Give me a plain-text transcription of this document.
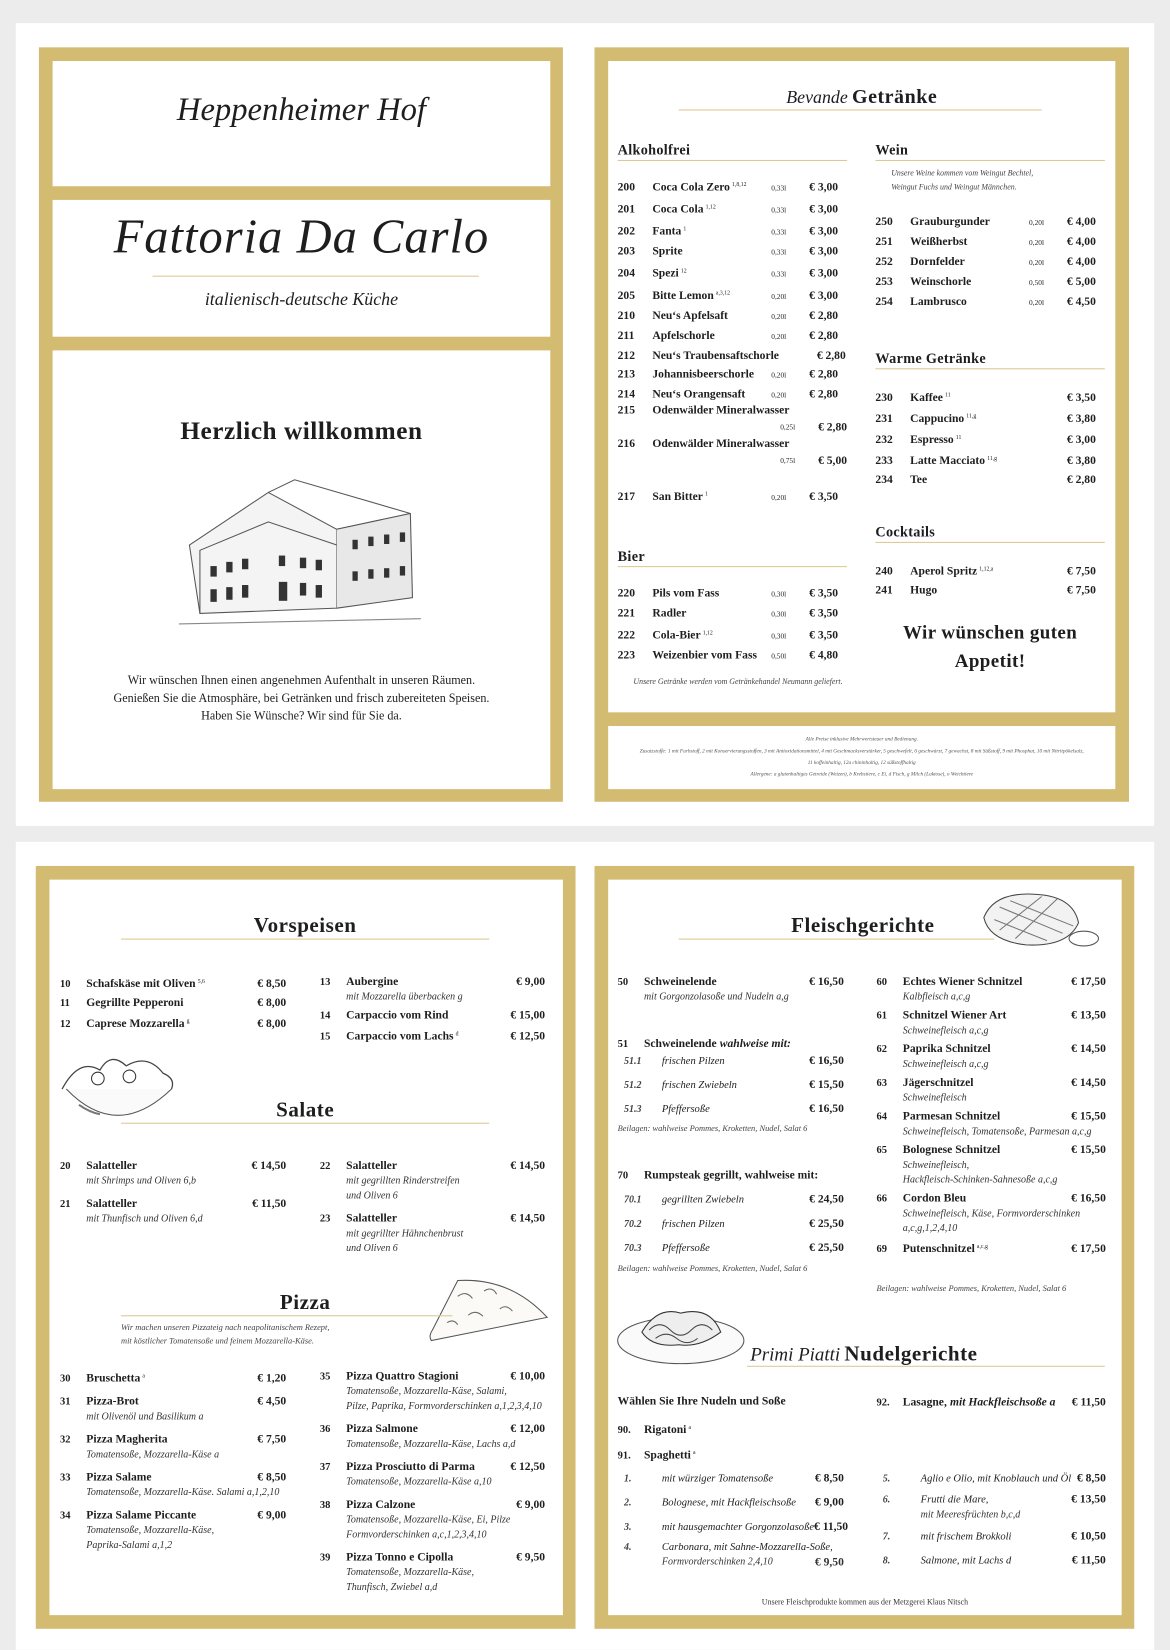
Heppenheimer Hof
Fattoria Da Carlo
italienisch-deutsche Küche
Herzlich willkommen
Wir wünschen Ihnen einen angenehmen Aufenthalt in unseren Räumen.
Genießen Sie die Atmosphäre, bei Getränken und frisch zubereiteten Speisen.
Haben Sie Wünsche? Wir sind für Sie da.
Bevande Getränke
Alkoholfrei
200	Coca Cola Zero $^{1,8,12}$	0,33l	€ 3,00
201	Coca Cola $^{1,12}$	0,33l	€ 3,00
202	Fanta $^1$	0,33l	€ 3,00
203	Sprite	0,33l	€ 3,00
204	Spezi $^{12}$	0,33l	€ 3,00
205	Bitte Lemon $^{a,3,12}$	0,20l	€ 3,00
210	Neu‘s Apfelsaft	0,20l	€ 2,80
211	Apfelschorle	0,20l	€ 2,80
212	Neu‘s Traubensaftschorle	€ 2,80
213	Johannisbeerschorle	0,20l	€ 2,80
214	Neu‘s Orangensaft	0,20l	€ 2,80
215	Odenwälder Mineralwasser
0,25l	€ 2,80
216	Odenwälder Mineralwasser
0,75l	€ 5,00
217	San Bitter $^1$	0,20l	€ 3,50
Bier
220	Pils vom Fass	0,30l	€ 3,50
221	Radler	0,30l	€ 3,50
222	Cola-Bier $^{1,12}$	0,30l	€ 3,50
223	Weizenbier vom Fass	0,50l	€ 4,80
Unsere Getränke werden vom Getränkehandel Neumann geliefert.
Wein
Unsere Weine kommen vom Weingut Bechtel,
Weingut Fuchs und Weingut Männchen.
250	Grauburgunder	0,20l	€ 4,00
251	Weißherbst	0,20l	€ 4,00
252	Dornfelder	0,20l	€ 4,00
253	Weinschorle	0,50l	€ 5,00
254	Lambrusco	0,20l	€ 4,50
Warme Getränke
230	Kaffee $^{11}$	€ 3,50
231	Cappucino $^{11,g}$	€ 3,80
232	Espresso $^{11}$	€ 3,00
233	Latte Macciato $^{11,g}$	€ 3,80
234	Tee	€ 2,80
Cocktails
240	Aperol Spritz $^{1,12,a}$	€ 7,50
241	Hugo	€ 7,50
Wir wünschen guten
Appetit!
Alle Preise inklusive Mehrwertsteuer und Bedienung.
Zusatzstoffe: 1 mit Farbstoff, 2 mit Konservierungsstoffen, 3 mit Antioxidationsmittel, 4 mit Geschmacksverstärker, 5 geschwefelt, 6 geschwärzt, 7 gewachst, 8 mit Süßstoff, 9 mit Phosphat, 10 mit Nitritpökelsalz,
11 koffeinhaltig, 12a chininhaltig, 12 süßstoffhaltig
Allergene: a glutenhaltiges Getreide (Weizen), b Krebstiere, c Ei, d Fisch, g Milch (Laktose), o Weichtiere
Vorspeisen
10	Schafskäse mit Oliven $^{5,6}$	€ 8,50
11	Gegrillte Pepperoni	€ 8,00
12	Caprese Mozzarella $^g$	€ 8,00
13	Aubergine	€ 9,00
mit Mozzarella überbacken g
14	Carpaccio vom Rind	€ 15,00
15	Carpaccio vom Lachs $^d$	€ 12,50
Salate
20	Salatteller	€ 14,50
mit Shrimps und Oliven 6,b
21	Salatteller	€ 11,50
mit Thunfisch und Oliven 6,d
22	Salatteller	€ 14,50
mit gegrillten Rinderstreifen
und Oliven 6
23	Salatteller	€ 14,50
mit gegrillter Hähnchenbrust
und Oliven 6
Pizza
Wir machen unseren Pizzateig nach neapolitanischem Rezept,
mit köstlicher Tomatensoße und feinem Mozzarella-Käse.
30	Bruschetta $^a$	€ 1,20
31	Pizza-Brot	€ 4,50
mit Olivenöl und Basilikum a
32	Pizza Magherita	€ 7,50
Tomatensoße, Mozzarella-Käse a
33	Pizza Salame	€ 8,50
Tomatensoße, Mozzarella-Käse. Salami a,1,2,10
34	Pizza Salame Piccante	€ 9,00
Tomatensoße, Mozzarella-Käse,
Paprika-Salami a,1,2
35	Pizza Quattro Stagioni	€ 10,00
Tomatensoße, Mozzarella-Käse, Salami,
Pilze, Paprika, Formvorderschinken a,1,2,3,4,10
36	Pizza Salmone	€ 12,00
Tomatensoße, Mozzarella-Käse, Lachs a,d
37	Pizza Prosciutto di Parma	€ 12,50
Tomatensoße, Mozzarella-Käse a,10
38	Pizza Calzone	€ 9,00
Tomatensoße, Mozzarella-Käse, Ei, Pilze
Formvorderschinken a,c,1,2,3,4,10
39	Pizza Tonno e Cipolla	€ 9,50
Tomatensoße, Mozzarella-Käse,
Thunfisch, Zwiebel a,d
Fleischgerichte
50	Schweinelende	€ 16,50
mit Gorgonzolasoße und Nudeln a,g
51	Schweinelende wahlweise mit:
51.1	frischen Pilzen	€ 16,50
51.2	frischen Zwiebeln	€ 15,50
51.3	Pfeffersoße	€ 16,50
Beilagen: wahlweise Pommes, Kroketten, Nudel, Salat 6
70	Rumpsteak gegrillt, wahlweise mit:
70.1	gegrillten Zwiebeln	€ 24,50
70.2	frischen Pilzen	€ 25,50
70.3	Pfeffersoße	€ 25,50
Beilagen: wahlweise Pommes, Kroketten, Nudel, Salat 6
60	Echtes Wiener Schnitzel	€ 17,50
Kalbfleisch a,c,g
61	Schnitzel Wiener Art	€ 13,50
Schweinefleisch a,c,g
62	Paprika Schnitzel	€ 14,50
Schweinefleisch a,c,g
63	Jägerschnitzel	€ 14,50
Schweinefleisch
64	Parmesan Schnitzel	€ 15,50
Schweinefleisch, Tomatensoße, Parmesan a,c,g
65	Bolognese Schnitzel	€ 15,50
Schweinefleisch,
Hackfleisch-Schinken-Sahnesoße a,c,g
66	Cordon Bleu	€ 16,50
Schweinefleisch, Käse, Formvorderschinken a,c,g,1,2,4,10
69	Putenschnitzel $^{a,c,g}$	€ 17,50
Beilagen: wahlweise Pommes, Kroketten, Nudel, Salat 6
Primi Piatti Nudelgerichte
Wählen Sie Ihre Nudeln und Soße
90.	Rigatoni $^a$
91.	Spaghetti $^a$
92.	Lasagne, mit Hackfleischsoße a	€ 11,50
1.	mit würziger Tomatensoße	€ 8,50
2.	Bolognese, mit Hackfleischsoße	€ 9,00
3.	mit hausgemachter Gorgonzolasoße € 11,50
4.	Carbonara, mit Sahne-Mozzarella-Soße,
Formvorderschinken 2,4,10	€ 9,50
5.	Aglio e Olio, mit Knoblauch und Öl € 8,50
6.	Frutti die Mare,	€ 13,50
mit Meeresfrüchten b,c,d
7.	mit frischem Brokkoli	€ 10,50
8.	Salmone, mit Lachs d	€ 11,50
Unsere Fleischprodukte kommen aus der Metzgerei Klaus Nitsch
